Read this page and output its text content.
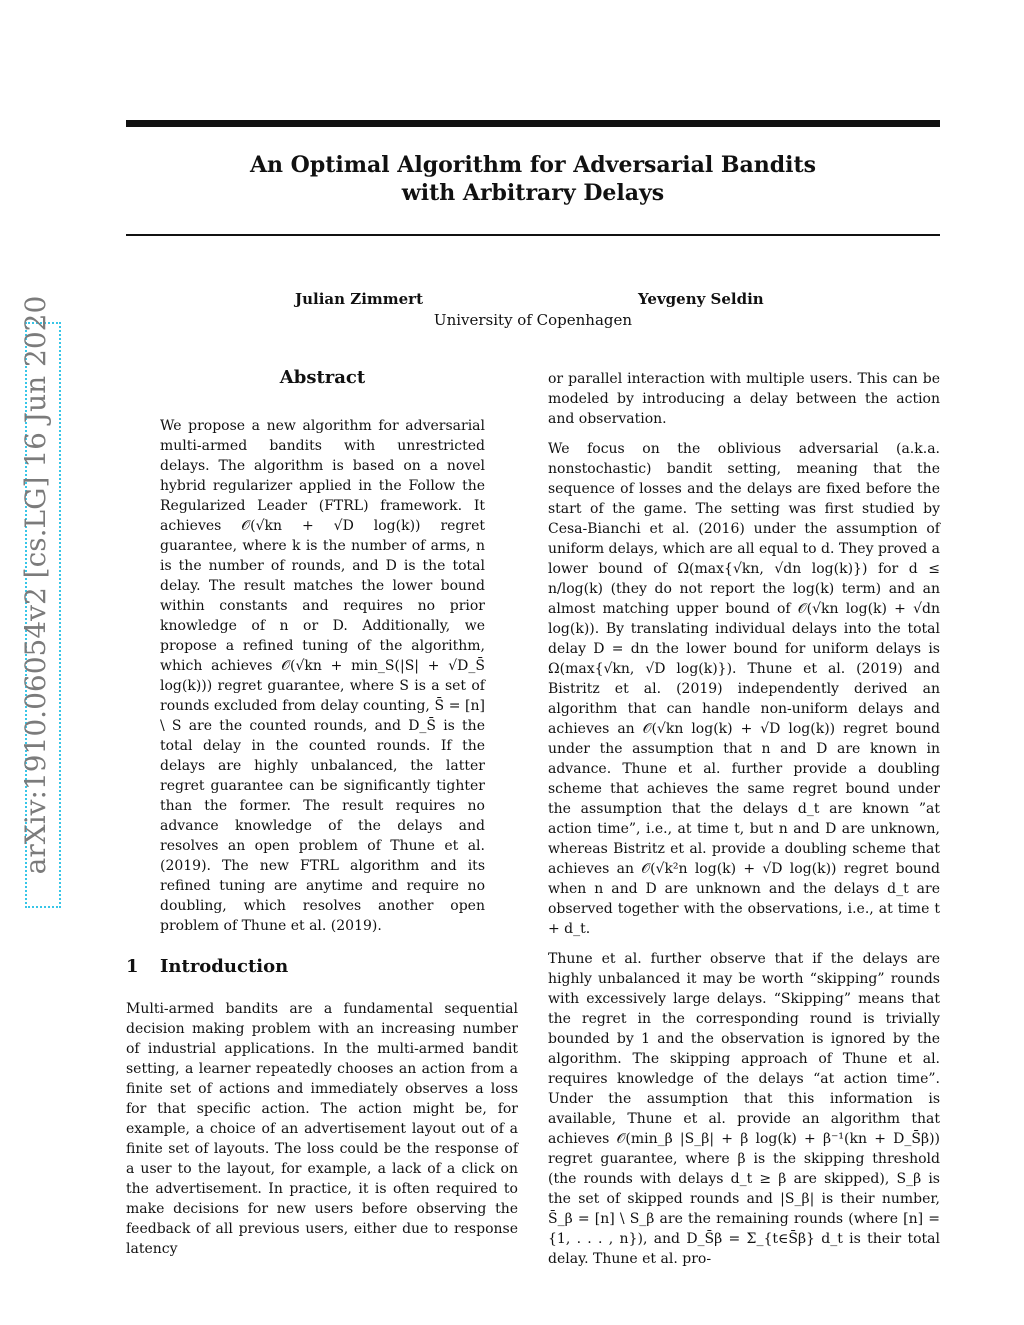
An Optimal Algorithm for Adversarial Bandits
with Arbitrary Delays
Julian Zimmert	Yevgeny Seldin
University of Copenhagen
arXiv:1910.06054v2 [cs.LG] 16 Jun 2020	Abstract

We propose a new algorithm for adversarial multi-armed bandits with unrestricted delays. The algorithm is based on a novel hybrid regularizer applied in the Follow the Regularized Leader (FTRL) framework. It achieves 𝒪(√kn + √D log(k)) regret guarantee, where k is the number of arms, n is the number of rounds, and D is the total delay. The result matches the lower bound within constants and requires no prior knowledge of n or D. Additionally, we propose a refined tuning of the algorithm, which achieves 𝒪(√kn + min_S(|S| + √D_S̄ log(k))) regret guarantee, where S is a set of rounds excluded from delay counting, S̄ = [n] \ S are the counted rounds, and D_S̄ is the total delay in the counted rounds. If the delays are highly unbalanced, the latter regret guarantee can be significantly tighter than the former. The result requires no advance knowledge of the delays and resolves an open problem of Thune et al. (2019). The new FTRL algorithm and its refined tuning are anytime and require no doubling, which resolves another open problem of Thune et al. (2019).

1 Introduction

Multi-armed bandits are a fundamental sequential decision making problem with an increasing number of industrial applications. In the multi-armed bandit setting, a learner repeatedly chooses an action from a finite set of actions and immediately observes a loss for that specific action. The action might be, for example, a choice of an advertisement layout out of a finite set of layouts. The loss could be the response of a user to the layout, for example, a lack of a click on the advertisement. In practice, it is often required to make decisions for new users before observing the feedback of all previous users, either due to response latency

or parallel interaction with multiple users. This can be modeled by introducing a delay between the action and observation.

We focus on the oblivious adversarial (a.k.a. nonstochastic) bandit setting, meaning that the sequence of losses and the delays are fixed before the start of the game. The setting was first studied by Cesa-Bianchi et al. (2016) under the assumption of uniform delays, which are all equal to d. They proved a lower bound of Ω(max{√kn, √dn log(k)}) for d ≤ n/log(k) (they do not report the log(k) term) and an almost matching upper bound of 𝒪(√kn log(k) + √dn log(k)). By translating individual delays into the total delay D = dn the lower bound for uniform delays is Ω(max{√kn, √D log(k)}). Thune et al. (2019) and Bistritz et al. (2019) independently derived an algorithm that can handle non-uniform delays and achieves an 𝒪(√kn log(k) + √D log(k)) regret bound under the assumption that n and D are known in advance. Thune et al. further provide a doubling scheme that achieves the same regret bound under the assumption that the delays d_t are known ”at action time”, i.e., at time t, but n and D are unknown, whereas Bistritz et al. provide a doubling scheme that achieves an 𝒪(√k²n log(k) + √D log(k)) regret bound when n and D are unknown and the delays d_t are observed together with the observations, i.e., at time t + d_t.

Thune et al. further observe that if the delays are highly unbalanced it may be worth “skipping” rounds with excessively large delays. “Skipping” means that the regret in the corresponding round is trivially bounded by 1 and the observation is ignored by the algorithm. The skipping approach of Thune et al. requires knowledge of the delays “at action time”. Under the assumption that this information is available, Thune et al. provide an algorithm that achieves 𝒪(min_β |S_β| + β log(k) + β⁻¹(kn + D_S̄β)) regret guarantee, where β is the skipping threshold (the rounds with delays d_t ≥ β are skipped), S_β is the set of skipped rounds and |S_β| is their number, S̄_β = [n] \ S_β are the remaining rounds (where [n] = {1, . . . , n}), and D_S̄β = Σ_{t∈S̄β} d_t is their total delay. Thune et al. pro-
